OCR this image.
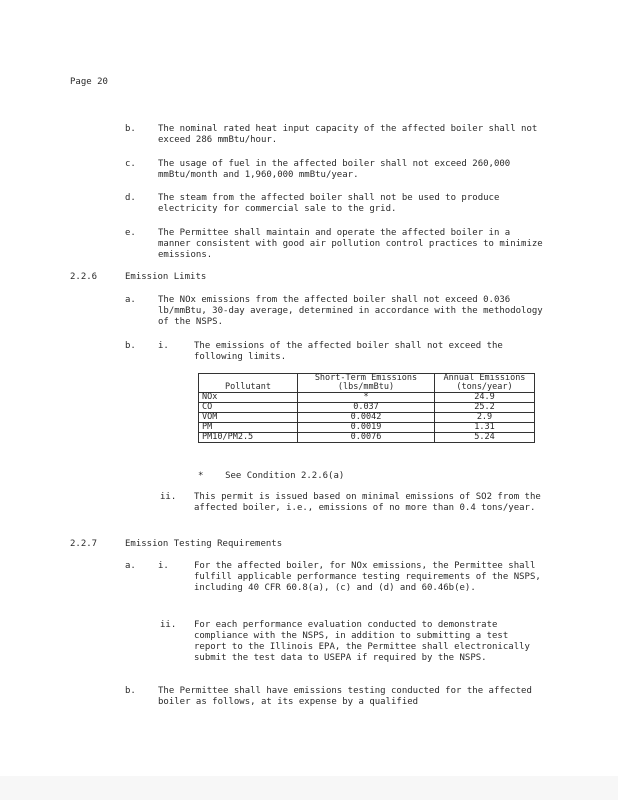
Page 20
b.	The nominal rated heat input capacity of the affected boiler shall not exceed 286 mmBtu/hour.
c.	The usage of fuel in the affected boiler shall not exceed 260,000 mmBtu/month and 1,960,000 mmBtu/year.
d.	The steam from the affected boiler shall not be used to produce electricity for commercial sale to the grid.
e.	The Permittee shall maintain and operate the affected boiler in a manner consistent with good air pollution control practices to minimize emissions.
2.2.6	Emission Limits
a.	The NOx emissions from the affected boiler shall not exceed 0.036 lb/mmBtu, 30-day average, determined in accordance with the methodology of the NSPS.
b.	i.	The emissions of the affected boiler shall not exceed the following limits.
Pollutant	Short-Term Emissions (lbs/mmBtu)	Annual Emissions (tons/year)
NOx	*	24.9
CO	0.037	25.2
VOM	0.0042	2.9
PM	0.0019	1.31
PM10/PM2.5	0.0076	5.24
*    See Condition 2.2.6(a)
ii.	This permit is issued based on minimal emissions of SO2 from the affected boiler, i.e., emissions of no more than 0.4 tons/year.
2.2.7	Emission Testing Requirements
a.	i.	For the affected boiler, for NOx emissions, the Permittee shall fulfill applicable performance testing requirements of the NSPS, including 40 CFR 60.8(a), (c) and (d) and 60.46b(e).
ii.	For each performance evaluation conducted to demonstrate compliance with the NSPS, in addition to submitting a test report to the Illinois EPA, the Permittee shall electronically submit the test data to USEPA if required by the NSPS.
b.	The Permittee shall have emissions testing conducted for the affected boiler as follows, at its expense by a qualified
